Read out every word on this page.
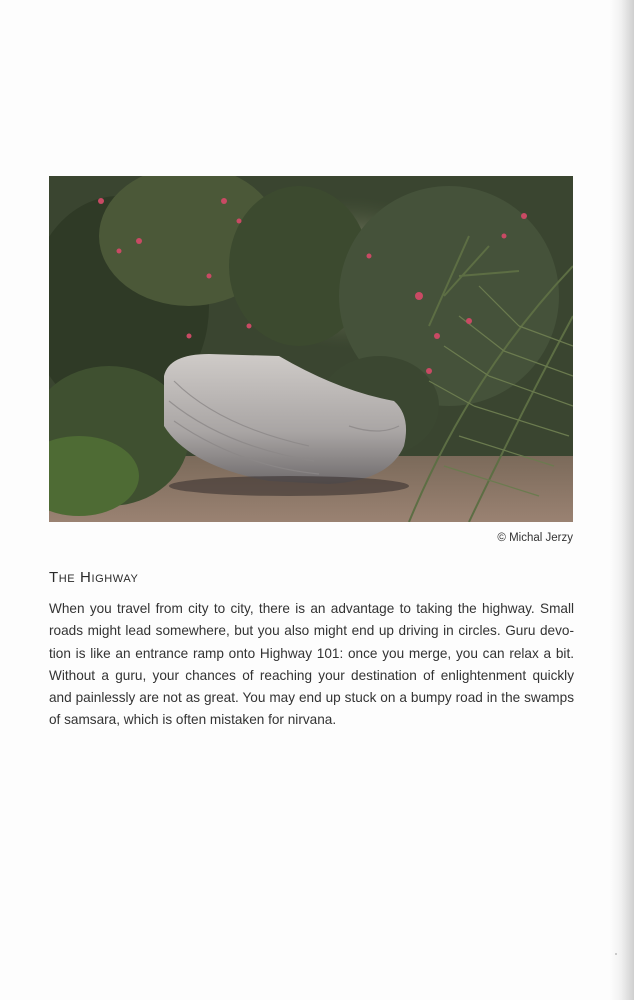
© Michal Jerzy
The Highway
When you travel from city to city, there is an advantage to taking the highway. Small
roads might lead somewhere, but you also might end up driving in circles. Guru devo-
tion is like an entrance ramp onto Highway 101: once you merge, you can relax a bit.
Without a guru, your chances of reaching your destination of enlightenment quickly
and painlessly are not as great. You may end up stuck on a bumpy road in the swamps
of samsara, which is often mistaken for nirvana.
